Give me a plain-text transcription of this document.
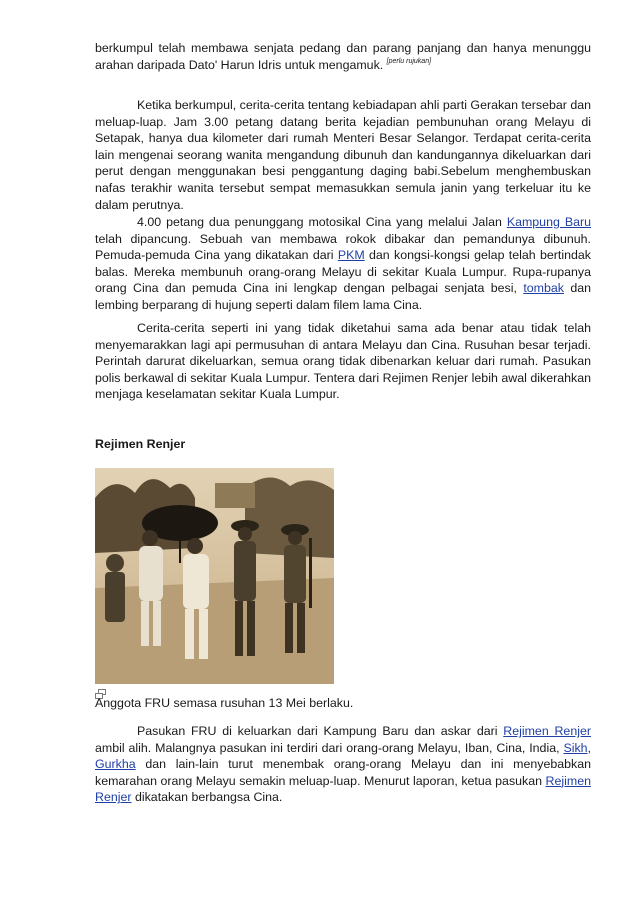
berkumpul telah membawa senjata pedang dan parang panjang dan hanya menunggu arahan daripada Dato' Harun Idris untuk mengamuk. [perlu rujukan]

Ketika berkumpul, cerita-cerita tentang kebiadapan ahli parti Gerakan tersebar dan meluap-luap. Jam 3.00 petang datang berita kejadian pembunuhan orang Melayu di Setapak, hanya dua kilometer dari rumah Menteri Besar Selangor. Terdapat cerita-cerita lain mengenai seorang wanita mengandung dibunuh dan kandungannya dikeluarkan dari perut dengan menggunakan besi penggantung daging babi.Sebelum menghembuskan nafas terakhir wanita tersebut sempat memasukkan semula janin yang terkeluar itu ke dalam perutnya.

4.00 petang dua penunggang motosikal Cina yang melalui Jalan Kampung Baru telah dipancung. Sebuah van membawa rokok dibakar dan pemandunya dibunuh. Pemuda-pemuda Cina yang dikatakan dari PKM dan kongsi-kongsi gelap telah bertindak balas. Mereka membunuh orang-orang Melayu di sekitar Kuala Lumpur. Rupa-rupanya orang Cina dan pemuda Cina ini lengkap dengan pelbagai senjata besi, tombak dan lembing berparang di hujung seperti dalam filem lama Cina.

Cerita-cerita seperti ini yang tidak diketahui sama ada benar atau tidak telah menyemarakkan lagi api permusuhan di antara Melayu dan Cina. Rusuhan besar terjadi. Perintah darurat dikeluarkan, semua orang tidak dibenarkan keluar dari rumah. Pasukan polis berkawal di sekitar Kuala Lumpur. Tentera dari Rejimen Renjer lebih awal dikerahkan menjaga keselamatan sekitar Kuala Lumpur.

Rejimen Renjer
Anggota FRU semasa rusuhan 13 Mei berlaku.

Pasukan FRU di keluarkan dari Kampung Baru dan askar dari Rejimen Renjer ambil alih. Malangnya pasukan ini terdiri dari orang-orang Melayu, Iban, Cina, India, Sikh, Gurkha dan lain-lain turut menembak orang-orang Melayu dan ini menyebabkan kemarahan orang Melayu semakin meluap-luap. Menurut laporan, ketua pasukan Rejimen Renjer dikatakan berbangsa Cina.
